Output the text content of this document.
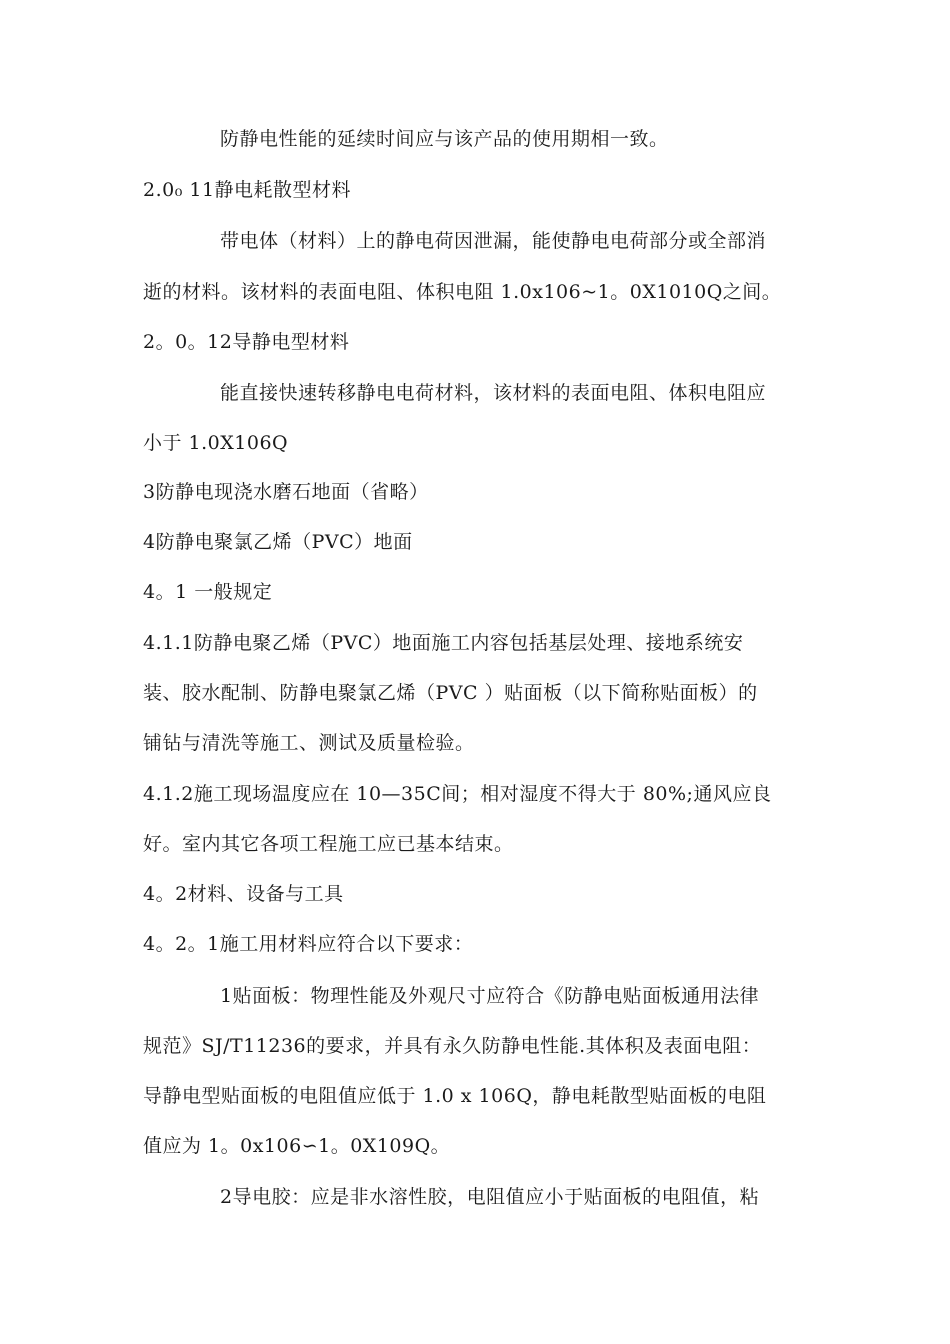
防静电性能的延续时间应与该产品的使用期相一致。
2.0₀ 11静电耗散型材料
带电体（材料）上的静电荷因泄漏，能使静电电荷部分或全部消
逝的材料。该材料的表面电阻、体积电阻 1.0x106~1。0X1010Q之间。
2。0。12导静电型材料
能直接快速转移静电电荷材料，该材料的表面电阻、体积电阻应
小于 1.0X106Q
3防静电现浇水磨石地面（省略）
4防静电聚氯乙烯（PVC）地面
4。1 一般规定
4.1.1防静电聚乙烯（PVC）地面施工内容包括基层处理、接地系统安
装、胶水配制、防静电聚氯乙烯（PVC ）贴面板（以下简称贴面板）的
铺钻与清洗等施工、测试及质量检验。
4.1.2施工现场温度应在 10—35C间；相对湿度不得大于 80%;通风应良
好。室内其它各项工程施工应已基本结束。
4。2材料、设备与工具
4。2。1施工用材料应符合以下要求：
1贴面板：物理性能及外观尺寸应符合《防静电贴面板通用法律
规范》SJ/T11236的要求，并具有永久防静电性能.其体积及表面电阻：
导静电型贴面板的电阻值应低于 1.0 x 106Q，静电耗散型贴面板的电阻
值应为 1。0x106∽1。0X109Q。
2导电胶：应是非水溶性胶，电阻值应小于贴面板的电阻值，粘
